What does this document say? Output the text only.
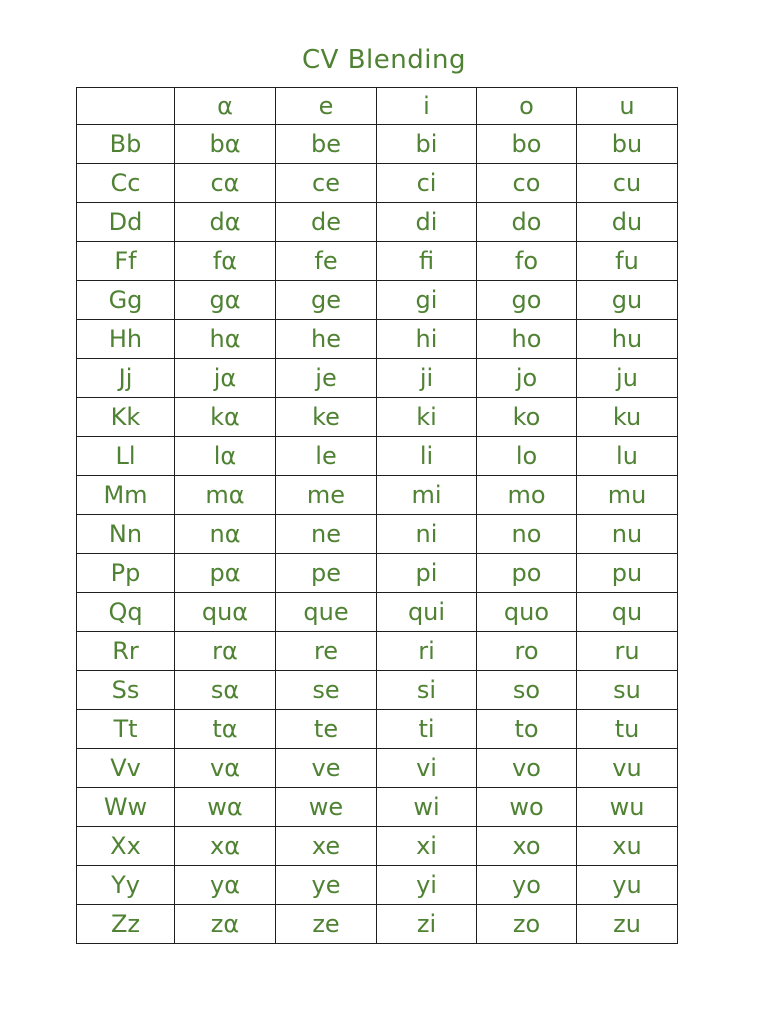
CV Blending
	α	e	i	o	u
Bb	bα	be	bi	bo	bu
Cc	cα	ce	ci	co	cu
Dd	dα	de	di	do	du
Ff	fα	fe	fi	fo	fu
Gg	gα	ge	gi	go	gu
Hh	hα	he	hi	ho	hu
Jj	jα	je	ji	jo	ju
Kk	kα	ke	ki	ko	ku
Ll	lα	le	li	lo	lu
Mm	mα	me	mi	mo	mu
Nn	nα	ne	ni	no	nu
Pp	pα	pe	pi	po	pu
Qq	quα	que	qui	quo	qu
Rr	rα	re	ri	ro	ru
Ss	sα	se	si	so	su
Tt	tα	te	ti	to	tu
Vv	vα	ve	vi	vo	vu
Ww	wα	we	wi	wo	wu
Xx	xα	xe	xi	xo	xu
Yy	yα	ye	yi	yo	yu
Zz	zα	ze	zi	zo	zu
